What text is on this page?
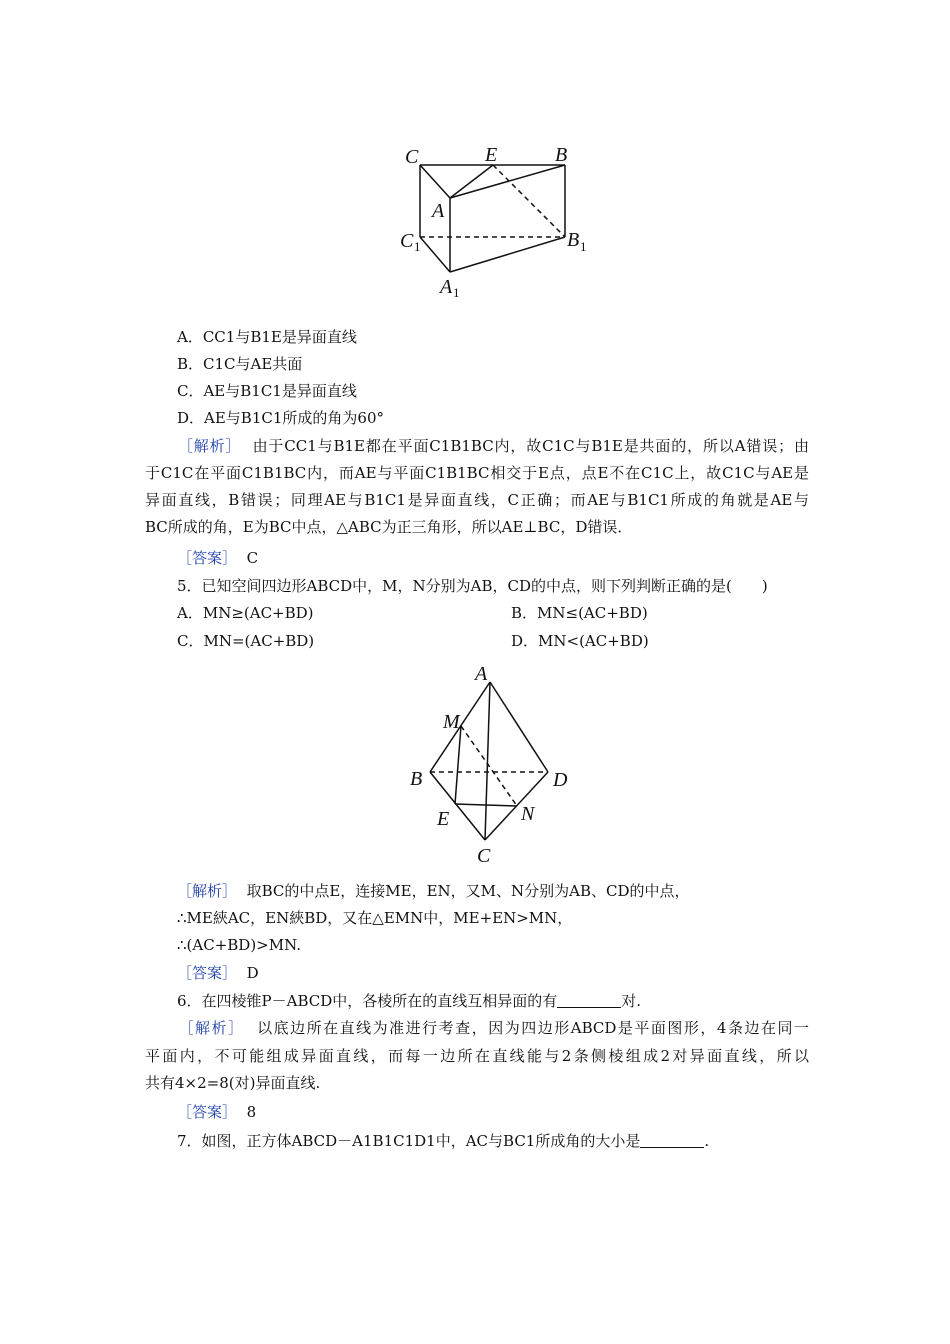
C	E	B
A
C 1	B 1
A 1
A．CC1与B1E是异面直线
B．C1C与AE共面
C．AE与B1C1是异面直线
D．AE与B1C1所成的角为60°
［解析］ 由于CC1与B1E都在平面C1B1BC内，故C1C与B1E是共面的，所以A错误；由
于C1C在平面C1B1BC内，而AE与平面C1B1BC相交于E点，点E不在C1C上，故C1C与AE是
异面直线，B错误；同理AE与B1C1是异面直线，C正确；而AE与B1C1所成的角就是AE与
BC所成的角，E为BC中点，△ABC为正三角形，所以AE⊥BC，D错误．
［答案］ C
5．已知空间四边形ABCD中，M，N分别为AB，CD的中点，则下列判断正确的是(　　)
A．MN≥(AC+BD)	B．MN≤(AC+BD)
C．MN=(AC+BD)	D．MN<(AC+BD)
A
M
B	D
E	N
C
［解析］ 取BC的中点E，连接ME，EN，又M、N分别为AB、CD的中点，
∴ME綊AC，EN綊BD，又在△EMN中，ME+EN>MN，
∴(AC+BD)>MN.
［答案］ D
6．在四棱锥P－ABCD中，各棱所在的直线互相异面的有	对.
［解析］ 以底边所在直线为准进行考查，因为四边形ABCD是平面图形，4条边在同一
平面内，不可能组成异面直线，而每一边所在直线能与2条侧棱组成2对异面直线，所以
共有4×2=8(对)异面直线.
［答案］ 8
7．如图，正方体ABCD－A1B1C1D1中，AC与BC1所成角的大小是	.
